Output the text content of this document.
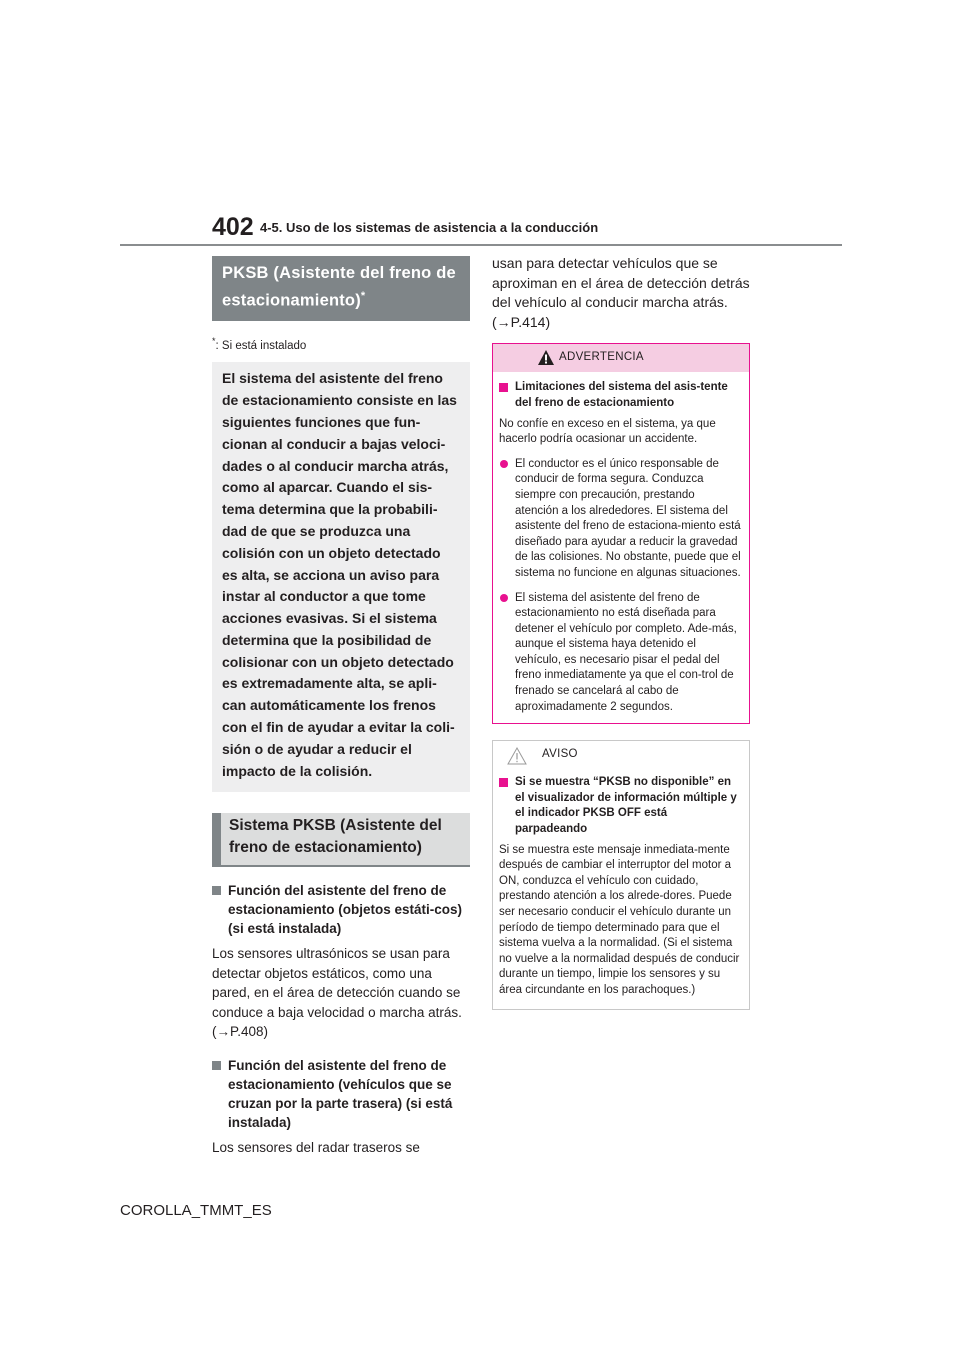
402 4-5. Uso de los sistemas de asistencia a la conducción
PKSB (Asistente del freno de estacionamiento)*
*: Si está instalado
El sistema del asistente del freno de estacionamiento consiste en las siguientes funciones que fun-cionan al conducir a bajas veloci-dades o al conducir marcha atrás, como al aparcar. Cuando el sis-tema determina que la probabili-dad de que se produzca una colisión con un objeto detectado es alta, se acciona un aviso para instar al conductor a que tome acciones evasivas. Si el sistema determina que la posibilidad de colisionar con un objeto detectado es extremadamente alta, se apli-can automáticamente los frenos con el fin de ayudar a evitar la coli-sión o de ayudar a reducir el impacto de la colisión.
Sistema PKSB (Asistente del freno de estacionamiento)
Función del asistente del freno de estacionamiento (objetos estáti-cos) (si está instalada)
Los sensores ultrasónicos se usan para detectar objetos estáticos, como una pared, en el área de detección cuando se conduce a baja velocidad o marcha atrás. (→P.408)
Función del asistente del freno de estacionamiento (vehículos que se cruzan por la parte trasera) (si está instalada)
Los sensores del radar traseros se
usan para detectar vehículos que se aproximan en el área de detección detrás del vehículo al conducir marcha atrás. (→P.414)
ADVERTENCIA
Limitaciones del sistema del asis-tente del freno de estacionamiento
No confíe en exceso en el sistema, ya que hacerlo podría ocasionar un accidente.
El conductor es el único responsable de conducir de forma segura. Conduzca siempre con precaución, prestando atención a los alrededores. El sistema del asistente del freno de estaciona-miento está diseñado para ayudar a reducir la gravedad de las colisiones. No obstante, puede que el sistema no funcione en algunas situaciones.
El sistema del asistente del freno de estacionamiento no está diseñada para detener el vehículo por completo. Ade-más, aunque el sistema haya detenido el vehículo, es necesario pisar el pedal del freno inmediatamente ya que el con-trol de frenado se cancelará al cabo de aproximadamente 2 segundos.
AVISO
Si se muestra “PKSB no disponible” en el visualizador de información múltiple y el indicador PKSB OFF está parpadeando
Si se muestra este mensaje inmediata-mente después de cambiar el interruptor del motor a ON, conduzca el vehículo con cuidado, prestando atención a los alrede-dores. Puede ser necesario conducir el vehículo durante un período de tiempo determinado para que el sistema vuelva a la normalidad. (Si el sistema no vuelve a la normalidad después de conducir durante un tiempo, limpie los sensores y su área circundante en los parachoques.)
COROLLA_TMMT_ES
